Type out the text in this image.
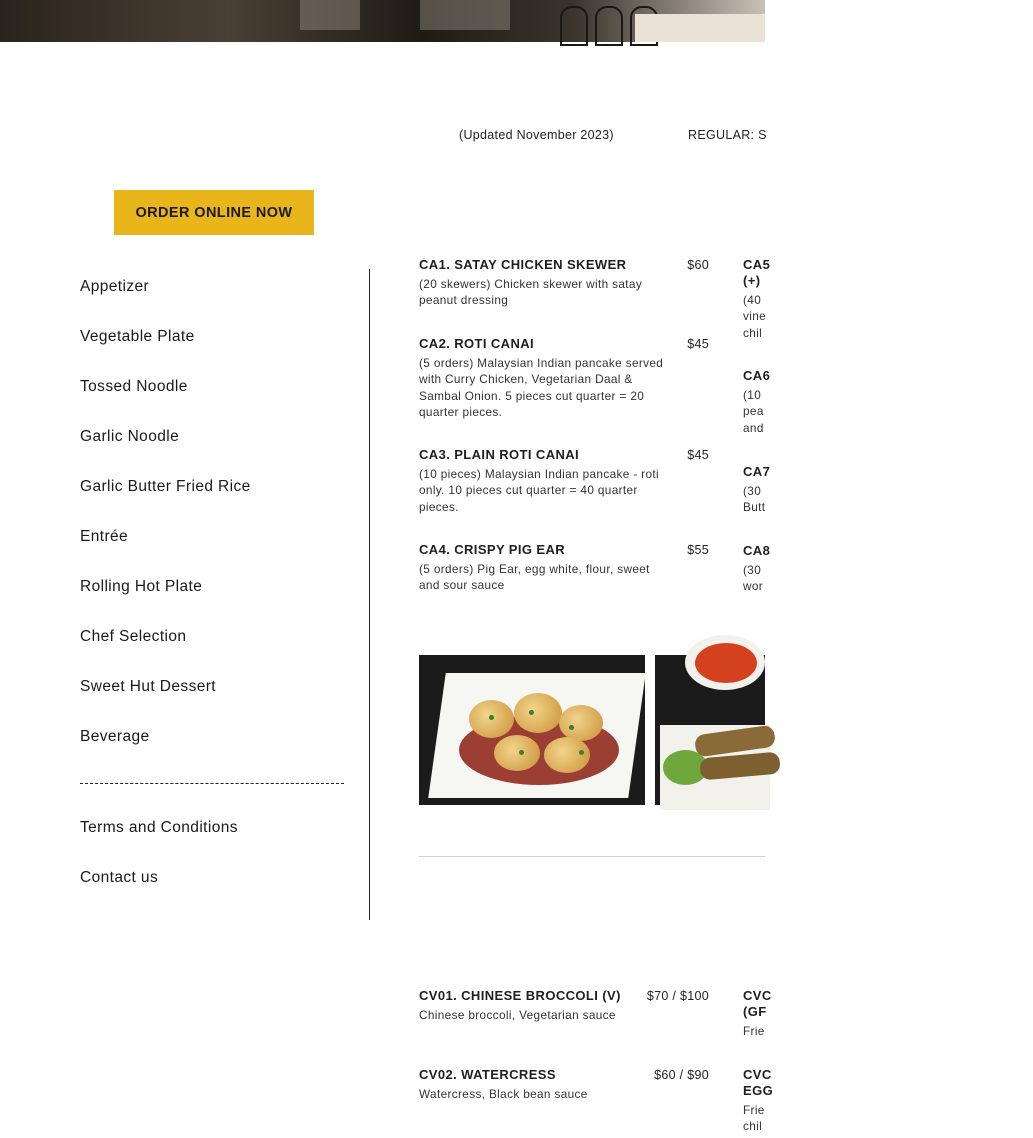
(Updated November 2023)	REGULAR: S
ORDER ONLINE NOW
Appetizer
Vegetable Plate
Tossed Noodle
Garlic Noodle
Garlic Butter Fried Rice
Entrée
Rolling Hot Plate
Chef Selection
Sweet Hut Dessert
Beverage
Terms and Conditions
Contact us
CA1. SATAY CHICKEN SKEWER	$60
(20 skewers) Chicken skewer with satay peanut dressing
CA2. ROTI CANAI	$45
(5 orders) Malaysian Indian pancake served with Curry Chicken, Vegetarian Daal & Sambal Onion. 5 pieces cut quarter = 20 quarter pieces.
CA3. PLAIN ROTI CANAI	$45
(10 pieces) Malaysian Indian pancake - roti only. 10 pieces cut quarter = 40 quarter pieces.
CA4. CRISPY PIG EAR	$55
(5 orders) Pig Ear, egg white, flour, sweet and sour sauce
CA5
(+)
(40
vine
chil
CA6
(10
pea
and
CA7
(30
Butt
CA8
(30
wor
CV01. CHINESE BROCCOLI (V)	$70 / $100
Chinese broccoli, Vegetarian sauce
CV02. WATERCRESS	$60 / $90
Watercress, Black bean sauce
CVC
(GF
Frie
CVC
EGG
Frie
chil
